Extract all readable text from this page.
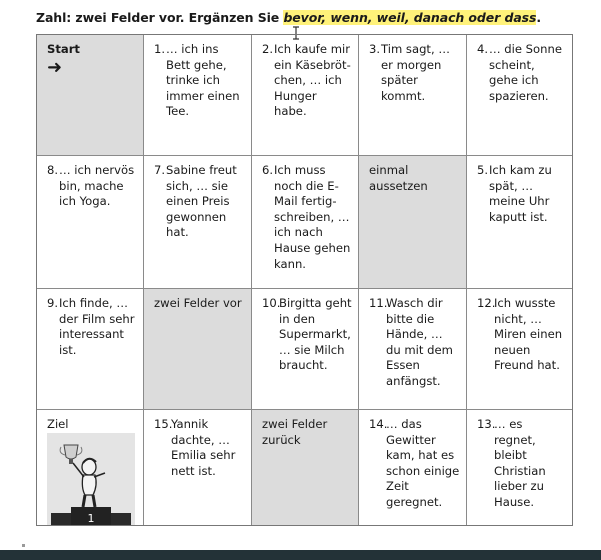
Zahl: zwei Felder vor. Ergänzen Sie bevor, wenn, weil, danach oder dass.
Start
➜
1. … ich ins Bett gehe, trinke ich immer einen Tee.
2. Ich kaufe mir ein Käsebröt-chen, … ich Hunger habe.
3. Tim sagt, … er morgen später kommt.
4. … die Sonne scheint, gehe ich spazieren.
8. … ich nervös bin, mache ich Yoga.
7. Sabine freut sich, … sie einen Preis gewonnen hat.
6. Ich muss noch die E-Mail fertig-schreiben, … ich nach Hause gehen kann.
einmal aussetzen
5. Ich kam zu spät, … meine Uhr kaputt ist.
9. Ich finde, … der Film sehr interessant ist.
zwei Felder vor 10.
Birgitta geht in den Supermarkt, … sie Milch braucht.
11.
Wasch dir bitte die Hände, … du mit dem Essen anfängst.
12.
Ich wusste nicht, … Miren einen neuen Freund hat.
Ziel
1
15.
Yannik dachte, … Emilia sehr nett ist.
zwei Felder zurück
14.
… das Gewitter kam, hat es schon einige Zeit geregnet.
13.
… es regnet, bleibt Christian lieber zu Hause.
